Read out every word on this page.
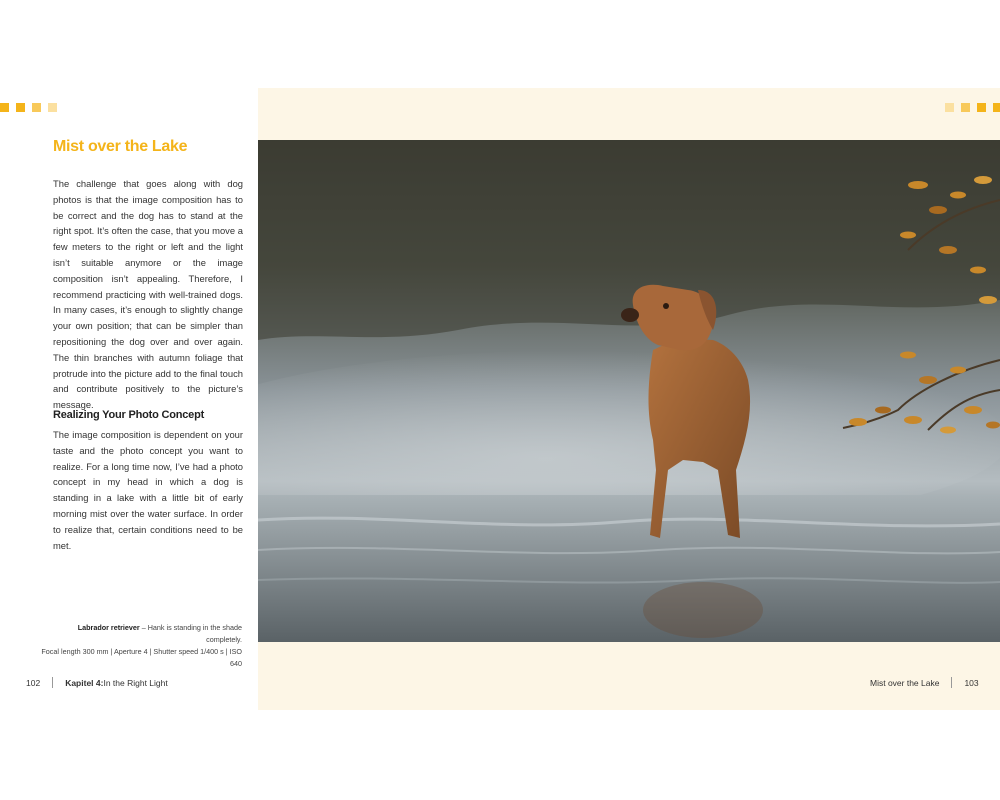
Mist over the Lake

The challenge that goes along with dog photos is that the image composition has to be correct and the dog has to stand at the right spot. It’s often the case, that you move a few meters to the right or left and the light isn’t suitable anymore or the image composition isn’t appealing. Therefore, I recommend practicing with well-trained dogs. In many cases, it’s enough to slightly change your own position; that can be simpler than repositioning the dog over and over again. The thin branches with autumn foliage that protrude into the picture add to the final touch and contribute positively to the picture’s message.

Realizing Your Photo Concept

The image composition is dependent on your taste and the photo concept you want to realize. For a long time now, I’ve had a photo concept in my head in which a dog is standing in a lake with a little bit of early morning mist over the water surface. In order to realize that, certain conditions need to be met.

Labrador retriever – Hank is standing in the shade completely.
Focal length 300 mm | Aperture 4 | Shutter speed 1/400 s | ISO 640

102	Kapitel 4: In the Right Light	Mist over the Lake	103
